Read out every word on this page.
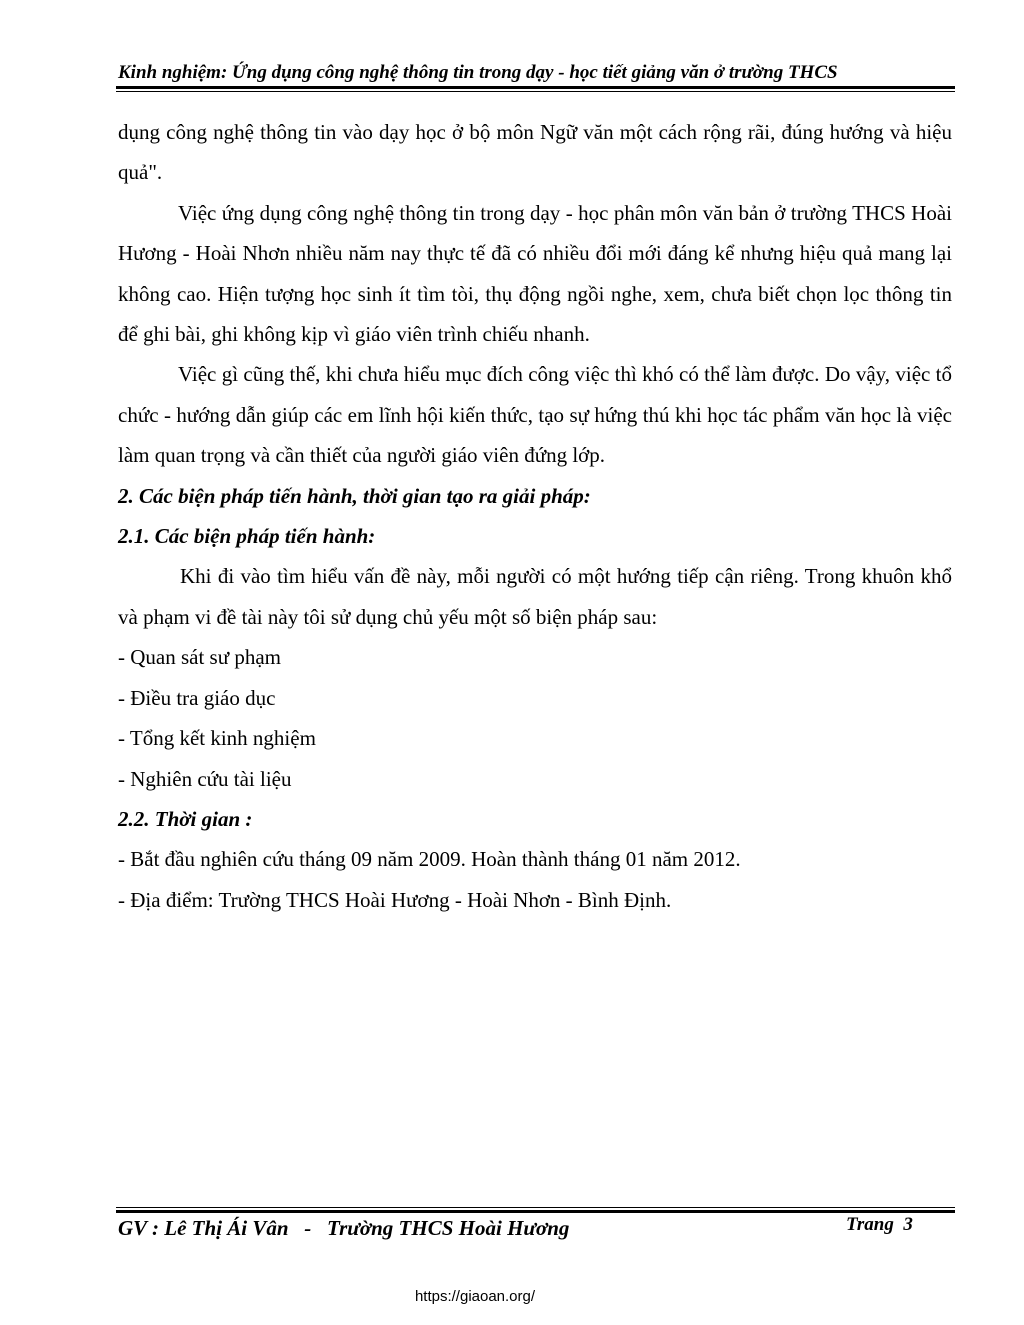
Kinh nghiệm: Ứng dụng công nghệ thông tin trong dạy - học tiết giảng văn ở trường THCS

dụng công nghệ thông tin vào dạy học ở bộ môn Ngữ văn một cách rộng rãi, đúng hướng và hiệu quả".

Việc ứng dụng công nghệ thông tin trong dạy - học phân môn văn bản ở trường THCS Hoài Hương - Hoài Nhơn nhiều năm nay thực tế đã có nhiều đổi mới đáng kể nhưng hiệu quả mang lại không cao. Hiện tượng học sinh ít tìm tòi, thụ động ngồi nghe, xem, chưa biết chọn lọc thông tin để ghi bài, ghi không kịp vì giáo viên trình chiếu nhanh.

Việc gì cũng thế, khi chưa hiểu mục đích công việc thì khó có thể làm được. Do vậy, việc tổ chức - hướng dẫn giúp các em lĩnh hội kiến thức, tạo sự hứng thú khi học tác phẩm văn học là việc làm quan trọng và cần thiết của người giáo viên đứng lớp.

2. Các biện pháp tiến hành, thời gian tạo ra giải pháp:

2.1. Các biện pháp tiến hành:

Khi đi vào tìm hiểu vấn đề này, mỗi người có một hướng tiếp cận riêng. Trong khuôn khổ và phạm vi đề tài này tôi sử dụng chủ yếu một số biện pháp sau:

- Quan sát sư phạm

- Điều tra giáo dục

- Tổng kết kinh nghiệm

- Nghiên cứu tài liệu

2.2. Thời gian :

- Bắt đầu nghiên cứu tháng 09 năm 2009. Hoàn thành tháng 01 năm 2012.

- Địa điểm: Trường THCS Hoài Hương - Hoài Nhơn - Bình Định.

GV : Lê Thị Ái Vân   -   Trường THCS Hoài Hương	Trang  3
https://giaoan.org/
